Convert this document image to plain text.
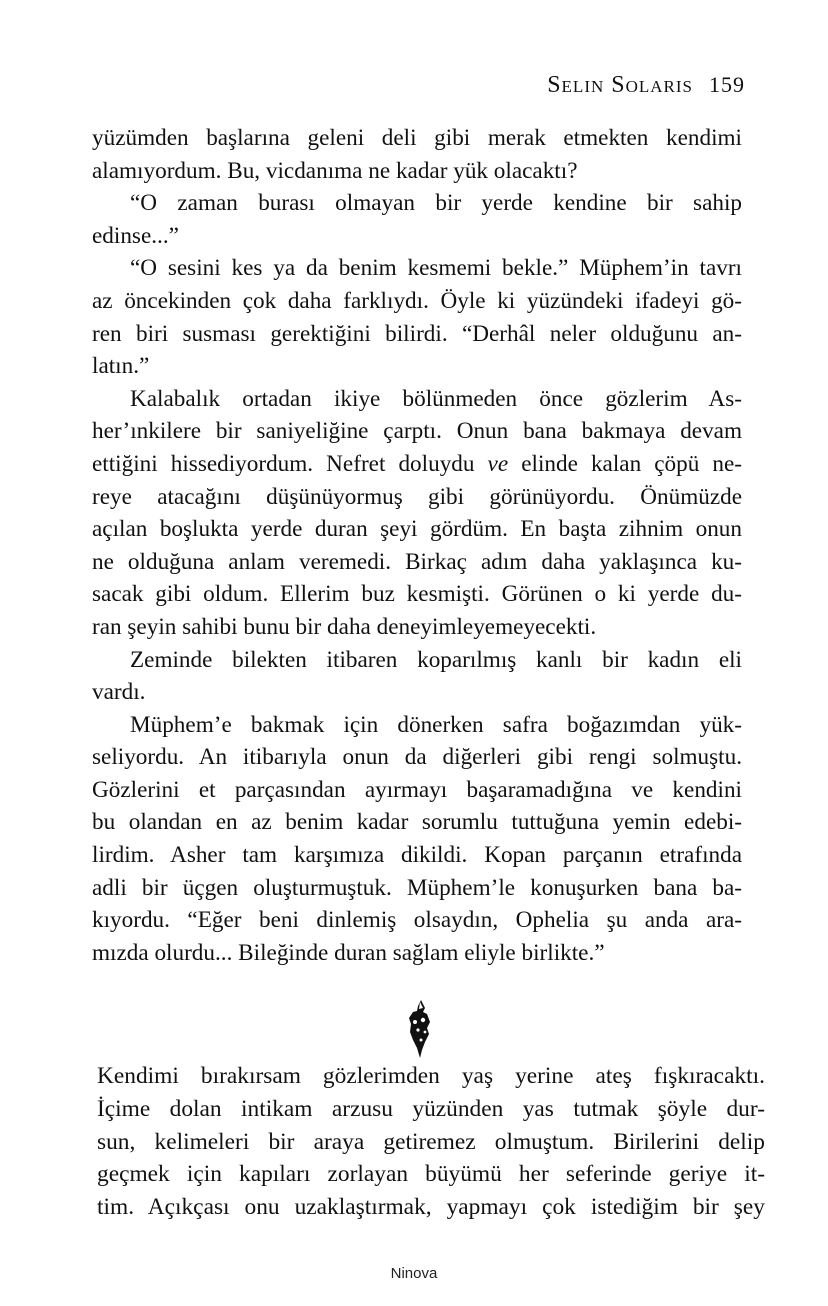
Selin Solaris 159
yüzümden başlarına geleni deli gibi merak etmekten kendimi
alamıyordum. Bu, vicdanıma ne kadar yük olacaktı?
“O zaman burası olmayan bir yerde kendine bir sahip
edinse...”
“O sesini kes ya da benim kesmemi bekle.” Müphem’in tavrı
az öncekinden çok daha farklıydı. Öyle ki yüzündeki ifadeyi gö-
ren biri susması gerektiğini bilirdi. “Derhâl neler olduğunu an-
latın.”
Kalabalık ortadan ikiye bölünmeden önce gözlerim As-
her’ınkilere bir saniyeliğine çarptı. Onun bana bakmaya devam
ettiğini hissediyordum. Nefret doluydu ve elinde kalan çöpü ne-
reye atacağını düşünüyormuş gibi görünüyordu. Önümüzde
açılan boşlukta yerde duran şeyi gördüm. En başta zihnim onun
ne olduğuna anlam veremedi. Birkaç adım daha yaklaşınca ku-
sacak gibi oldum. Ellerim buz kesmişti. Görünen o ki yerde du-
ran şeyin sahibi bunu bir daha deneyimleyemeyecekti.
Zeminde bilekten itibaren koparılmış kanlı bir kadın eli
vardı.
Müphem’e bakmak için dönerken safra boğazımdan yük-
seliyordu. An itibarıyla onun da diğerleri gibi rengi solmuştu.
Gözlerini et parçasından ayırmayı başaramadığına ve kendini
bu olandan en az benim kadar sorumlu tuttuğuna yemin edebi-
lirdim. Asher tam karşımıza dikildi. Kopan parçanın etrafında
adli bir üçgen oluşturmuştuk. Müphem’le konuşurken bana ba-
kıyordu. “Eğer beni dinlemiş olsaydın, Ophelia şu anda ara-
mızda olurdu... Bileğinde duran sağlam eliyle birlikte.”
Kendimi bırakırsam gözlerimden yaş yerine ateş fışkıracaktı.
İçime dolan intikam arzusu yüzünden yas tutmak şöyle dur-
sun, kelimeleri bir araya getiremez olmuştum. Birilerini delip
geçmek için kapıları zorlayan büyümü her seferinde geriye it-
tim. Açıkçası onu uzaklaştırmak, yapmayı çok istediğim bir şey
Ninova
